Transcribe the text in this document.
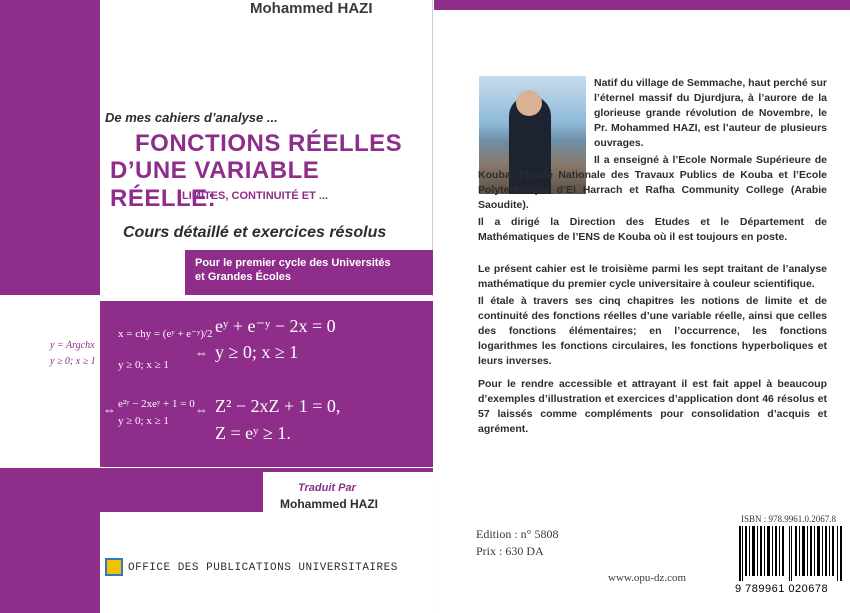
Mohammed HAZI
De mes cahiers d’analyse ...
FONCTIONS RÉELLES
D’UNE VARIABLE RÉELLE:
LIMITES, CONTINUITÉ ET ...
Cours détaillé et exercices résolus
Pour le premier cycle des Universités
et Grandes Écoles
y = Argchx
y ≥ 0; x ≥ 1 ⇔
x = chy = (eʸ + e⁻ʸ)/2
y ≥ 0; x ≥ 1
⇔
eʸ + e⁻ʸ − 2x = 0
y ≥ 0; x ≥ 1
⇔ e²ʸ − 2xeʸ + 1 = 0
y ≥ 0; x ≥ 1
⇔ Z² − 2xZ + 1 = 0,
Z = eʸ ≥ 1.
Traduit Par
Mohammed HAZI
OFFICE DES PUBLICATIONS UNIVERSITAIRES
Natif du village de Semmache, haut perché sur l’éternel massif du Djurdjura, à l’aurore de la glorieuse grande révolution de Novembre, le Pr. Mohammed HAZI, est l’auteur de plusieurs ouvrages.
Il a enseigné à l’Ecole Normale Supérieure de Kouba, l’Ecole Nationale des Travaux Publics de Kouba et l’Ecole Polytechnique d’El Harrach et Rafha Community College (Arabie Saoudite).
Il a dirigé la Direction des Etudes et le Département de Mathématiques de l’ENS de Kouba où il est toujours en poste.
Le présent cahier est le troisième parmi les sept traitant de l’analyse mathématique du premier cycle universitaire à couleur scientifique.
Il étale à travers ses cinq chapitres les notions de limite et de continuité des fonctions réelles d’une variable réelle, ainsi que celles des fonctions élémentaires; en l’occurrence, les fonctions logarithmes les fonctions circulaires, les fonctions hyperboliques et leurs inverses.
Pour le rendre accessible et attrayant il est fait appel à beaucoup d’exemples d’illustration et exercices d’application dont 46 résolus et 57 laissés comme compléments pour consolidation d’acquis et agrément.
Edition : n° 5808
Prix : 630 DA
www.opu-dz.com
ISBN : 978.9961.0.2067.8
9 789961 020678
